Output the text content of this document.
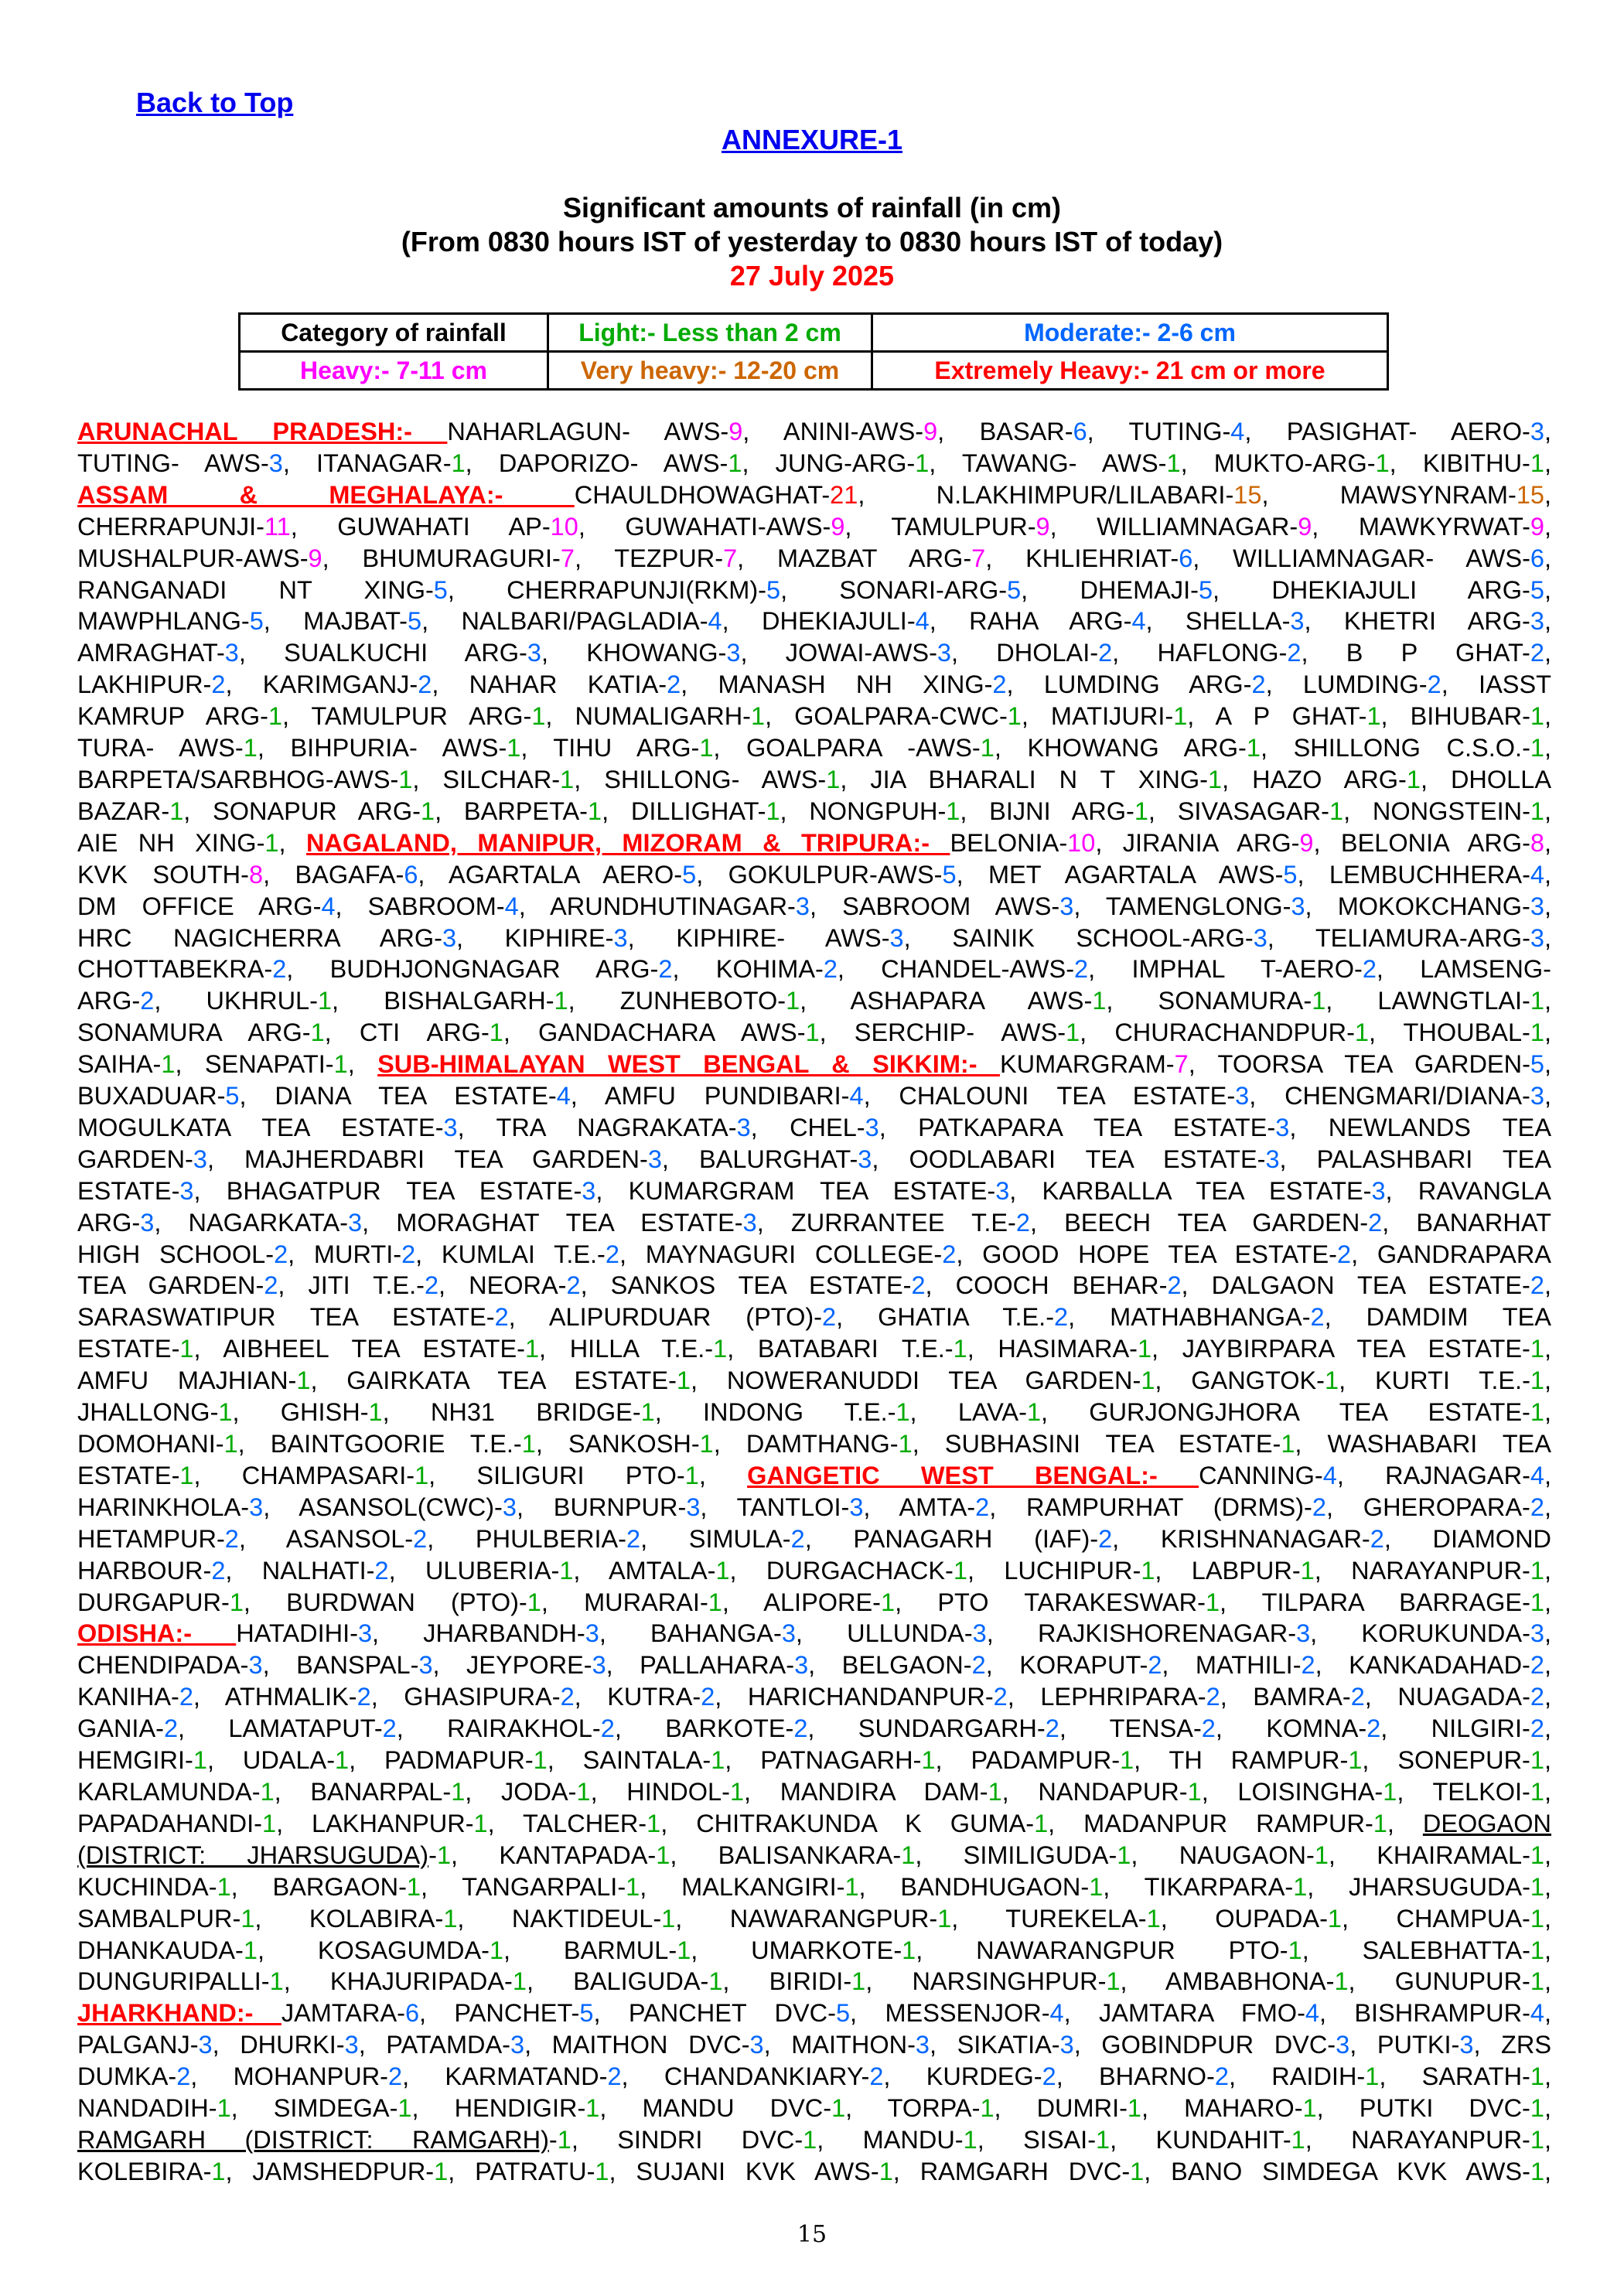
Back to Top
ANNEXURE-1
Significant amounts of rainfall (in cm)
(From 0830 hours IST of yesterday to 0830 hours IST of today)
27 July 2025
Category of rainfall	Light:- Less than 2 cm	Moderate:- 2-6 cm
Heavy:- 7-11 cm	Very heavy:- 12-20 cm	Extremely Heavy:- 21 cm or more
ARUNACHAL PRADESH:- NAHARLAGUN- AWS-9, ANINI-AWS-9, BASAR-6, TUTING-4, PASIGHAT- AERO-3,
TUTING- AWS-3, ITANAGAR-1, DAPORIZO- AWS-1, JUNG-ARG-1, TAWANG- AWS-1, MUKTO-ARG-1, KIBITHU-1,
ASSAM & MEGHALAYA:- CHAULDHOWAGHAT-21, N.LAKHIMPUR/LILABARI-15, MAWSYNRAM-15,
CHERRAPUNJI-11, GUWAHATI AP-10, GUWAHATI-AWS-9, TAMULPUR-9, WILLIAMNAGAR-9, MAWKYRWAT-9,
MUSHALPUR-AWS-9, BHUMURAGURI-7, TEZPUR-7, MAZBAT ARG-7, KHLIEHRIAT-6, WILLIAMNAGAR- AWS-6,
RANGANADI NT XING-5, CHERRAPUNJI(RKM)-5, SONARI-ARG-5, DHEMAJI-5, DHEKIAJULI ARG-5,
MAWPHLANG-5, MAJBAT-5, NALBARI/PAGLADIA-4, DHEKIAJULI-4, RAHA ARG-4, SHELLA-3, KHETRI ARG-3,
AMRAGHAT-3, SUALKUCHI ARG-3, KHOWANG-3, JOWAI-AWS-3, DHOLAI-2, HAFLONG-2, B P GHAT-2,
LAKHIPUR-2, KARIMGANJ-2, NAHAR KATIA-2, MANASH NH XING-2, LUMDING ARG-2, LUMDING-2, IASST
KAMRUP ARG-1, TAMULPUR ARG-1, NUMALIGARH-1, GOALPARA-CWC-1, MATIJURI-1, A P GHAT-1, BIHUBAR-1,
TURA- AWS-1, BIHPURIA- AWS-1, TIHU ARG-1, GOALPARA -AWS-1, KHOWANG ARG-1, SHILLONG C.S.O.-1,
BARPETA/SARBHOG-AWS-1, SILCHAR-1, SHILLONG- AWS-1, JIA BHARALI N T XING-1, HAZO ARG-1, DHOLLA
BAZAR-1, SONAPUR ARG-1, BARPETA-1, DILLIGHAT-1, NONGPUH-1, BIJNI ARG-1, SIVASAGAR-1, NONGSTEIN-1,
AIE NH XING-1, NAGALAND, MANIPUR, MIZORAM & TRIPURA:- BELONIA-10, JIRANIA ARG-9, BELONIA ARG-8,
KVK SOUTH-8, BAGAFA-6, AGARTALA AERO-5, GOKULPUR-AWS-5, MET AGARTALA AWS-5, LEMBUCHHERA-4,
DM OFFICE ARG-4, SABROOM-4, ARUNDHUTINAGAR-3, SABROOM AWS-3, TAMENGLONG-3, MOKOKCHANG-3,
HRC NAGICHERRA ARG-3, KIPHIRE-3, KIPHIRE- AWS-3, SAINIK SCHOOL-ARG-3, TELIAMURA-ARG-3,
CHOTTABEKRA-2, BUDHJONGNAGAR ARG-2, KOHIMA-2, CHANDEL-AWS-2, IMPHAL T-AERO-2, LAMSENG-
ARG-2, UKHRUL-1, BISHALGARH-1, ZUNHEBOTO-1, ASHAPARA AWS-1, SONAMURA-1, LAWNGTLAI-1,
SONAMURA ARG-1, CTI ARG-1, GANDACHARA AWS-1, SERCHIP- AWS-1, CHURACHANDPUR-1, THOUBAL-1,
SAIHA-1, SENAPATI-1, SUB-HIMALAYAN WEST BENGAL & SIKKIM:- KUMARGRAM-7, TOORSA TEA GARDEN-5,
BUXADUAR-5, DIANA TEA ESTATE-4, AMFU PUNDIBARI-4, CHALOUNI TEA ESTATE-3, CHENGMARI/DIANA-3,
MOGULKATA TEA ESTATE-3, TRA NAGRAKATA-3, CHEL-3, PATKAPARA TEA ESTATE-3, NEWLANDS TEA
GARDEN-3, MAJHERDABRI TEA GARDEN-3, BALURGHAT-3, OODLABARI TEA ESTATE-3, PALASHBARI TEA
ESTATE-3, BHAGATPUR TEA ESTATE-3, KUMARGRAM TEA ESTATE-3, KARBALLA TEA ESTATE-3, RAVANGLA
ARG-3, NAGARKATA-3, MORAGHAT TEA ESTATE-3, ZURRANTEE T.E-2, BEECH TEA GARDEN-2, BANARHAT
HIGH SCHOOL-2, MURTI-2, KUMLAI T.E.-2, MAYNAGURI COLLEGE-2, GOOD HOPE TEA ESTATE-2, GANDRAPARA
TEA GARDEN-2, JITI T.E.-2, NEORA-2, SANKOS TEA ESTATE-2, COOCH BEHAR-2, DALGAON TEA ESTATE-2,
SARASWATIPUR TEA ESTATE-2, ALIPURDUAR (PTO)-2, GHATIA T.E.-2, MATHABHANGA-2, DAMDIM TEA
ESTATE-1, AIBHEEL TEA ESTATE-1, HILLA T.E.-1, BATABARI T.E.-1, HASIMARA-1, JAYBIRPARA TEA ESTATE-1,
AMFU MAJHIAN-1, GAIRKATA TEA ESTATE-1, NOWERANUDDI TEA GARDEN-1, GANGTOK-1, KURTI T.E.-1,
JHALLONG-1, GHISH-1, NH31 BRIDGE-1, INDONG T.E.-1, LAVA-1, GURJONGJHORA TEA ESTATE-1,
DOMOHANI-1, BAINTGOORIE T.E.-1, SANKOSH-1, DAMTHANG-1, SUBHASINI TEA ESTATE-1, WASHABARI TEA
ESTATE-1, CHAMPASARI-1, SILIGURI PTO-1, GANGETIC WEST BENGAL:- CANNING-4, RAJNAGAR-4,
HARINKHOLA-3, ASANSOL(CWC)-3, BURNPUR-3, TANTLOI-3, AMTA-2, RAMPURHAT (DRMS)-2, GHEROPARA-2,
HETAMPUR-2, ASANSOL-2, PHULBERIA-2, SIMULA-2, PANAGARH (IAF)-2, KRISHNANAGAR-2, DIAMOND
HARBOUR-2, NALHATI-2, ULUBERIA-1, AMTALA-1, DURGACHACK-1, LUCHIPUR-1, LABPUR-1, NARAYANPUR-1,
DURGAPUR-1, BURDWAN (PTO)-1, MURARAI-1, ALIPORE-1, PTO TARAKESWAR-1, TILPARA BARRAGE-1,
ODISHA:- HATADIHI-3, JHARBANDH-3, BAHANGA-3, ULLUNDA-3, RAJKISHORENAGAR-3, KORUKUNDA-3,
CHENDIPADA-3, BANSPAL-3, JEYPORE-3, PALLAHARA-3, BELGAON-2, KORAPUT-2, MATHILI-2, KANKADAHAD-2,
KANIHA-2, ATHMALIK-2, GHASIPURA-2, KUTRA-2, HARICHANDANPUR-2, LEPHRIPARA-2, BAMRA-2, NUAGADA-2,
GANIA-2, LAMATAPUT-2, RAIRAKHOL-2, BARKOTE-2, SUNDARGARH-2, TENSA-2, KOMNA-2, NILGIRI-2,
HEMGIRI-1, UDALA-1, PADMAPUR-1, SAINTALA-1, PATNAGARH-1, PADAMPUR-1, TH RAMPUR-1, SONEPUR-1,
KARLAMUNDA-1, BANARPAL-1, JODA-1, HINDOL-1, MANDIRA DAM-1, NANDAPUR-1, LOISINGHA-1, TELKOI-1,
PAPADAHANDI-1, LAKHANPUR-1, TALCHER-1, CHITRAKUNDA K GUMA-1, MADANPUR RAMPUR-1, DEOGAON
(DISTRICT: JHARSUGUDA)-1, KANTAPADA-1, BALISANKARA-1, SIMILIGUDA-1, NAUGAON-1, KHAIRAMAL-1,
KUCHINDA-1, BARGAON-1, TANGARPALI-1, MALKANGIRI-1, BANDHUGAON-1, TIKARPARA-1, JHARSUGUDA-1,
SAMBALPUR-1, KOLABIRA-1, NAKTIDEUL-1, NAWARANGPUR-1, TUREKELA-1, OUPADA-1, CHAMPUA-1,
DHANKAUDA-1, KOSAGUMDA-1, BARMUL-1, UMARKOTE-1, NAWARANGPUR PTO-1, SALEBHATTA-1,
DUNGURIPALLI-1, KHAJURIPADA-1, BALIGUDA-1, BIRIDI-1, NARSINGHPUR-1, AMBABHONA-1, GUNUPUR-1,
JHARKHAND:- JAMTARA-6, PANCHET-5, PANCHET DVC-5, MESSENJOR-4, JAMTARA FMO-4, BISHRAMPUR-4,
PALGANJ-3, DHURKI-3, PATAMDA-3, MAITHON DVC-3, MAITHON-3, SIKATIA-3, GOBINDPUR DVC-3, PUTKI-3, ZRS
DUMKA-2, MOHANPUR-2, KARMATAND-2, CHANDANKIARY-2, KURDEG-2, BHARNO-2, RAIDIH-1, SARATH-1,
NANDADIH-1, SIMDEGA-1, HENDIGIR-1, MANDU DVC-1, TORPA-1, DUMRI-1, MAHARO-1, PUTKI DVC-1,
RAMGARH (DISTRICT: RAMGARH)-1, SINDRI DVC-1, MANDU-1, SISAI-1, KUNDAHIT-1, NARAYANPUR-1,
KOLEBIRA-1, JAMSHEDPUR-1, PATRATU-1, SUJANI KVK AWS-1, RAMGARH DVC-1, BANO SIMDEGA KVK AWS-1,
15
